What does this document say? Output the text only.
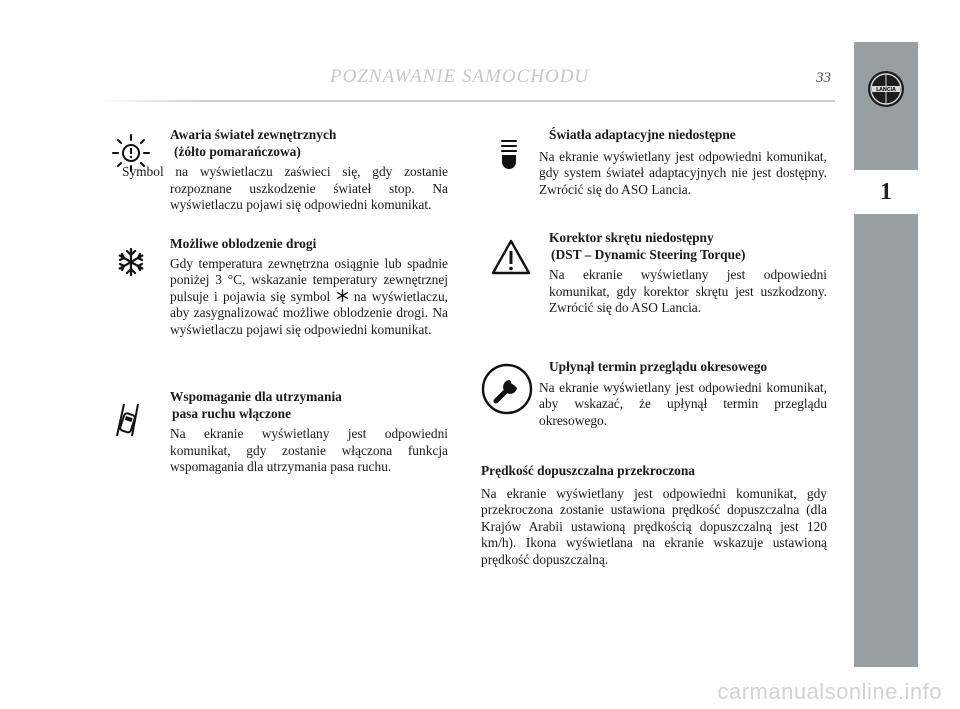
POZNAWANIE SAMOCHODU	33
LANCIA
1
Awaria świateł zewnętrznych
(żółto pomarańczowa)

Symbol na wyświetlaczu zaświeci się, gdy zostanie rozpoznane uszkodzenie świateł stop. Na wyświetlaczu pojawi się odpowiedni komunikat.

Możliwe oblodzenie drogi

Gdy temperatura zewnętrzna osiągnie lub spadnie poniżej 3 °C, wskazanie temperatury zewnętrznej pulsuje i pojawia się symbol na wyświetlaczu, aby zasygnalizować możliwe oblodzenie drogi. Na wyświetlaczu pojawi się odpowiedni komunikat.

Wspomaganie dla utrzymania
pasa ruchu włączone

Na ekranie wyświetlany jest odpowiedni komunikat, gdy zostanie włączona funkcja wspomagania dla utrzymania pasa ruchu.

Światła adaptacyjne niedostępne

Na ekranie wyświetlany jest odpowiedni komunikat, gdy system świateł adaptacyjnych nie jest dostępny. Zwrócić się do ASO Lancia.

Korektor skrętu niedostępny
(DST – Dynamic Steering Torque)

Na ekranie wyświetlany jest odpowiedni komunikat, gdy korektor skrętu jest uszkodzony. Zwrócić się do ASO Lancia.

Upłynął termin przeglądu okresowego

Na ekranie wyświetlany jest odpowiedni komunikat, aby wskazać, że upłynął termin przeglądu okresowego.

Prędkość dopuszczalna przekroczona

Na ekranie wyświetlany jest odpowiedni komunikat, gdy przekroczona zostanie ustawiona prędkość dopuszczalna (dla Krajów Arabii ustawioną prędkością dopuszczalną jest 120 km/h). Ikona wyświetlana na ekranie wskazuje ustawioną prędkość dopuszczalną.

carmanualsonline.info
